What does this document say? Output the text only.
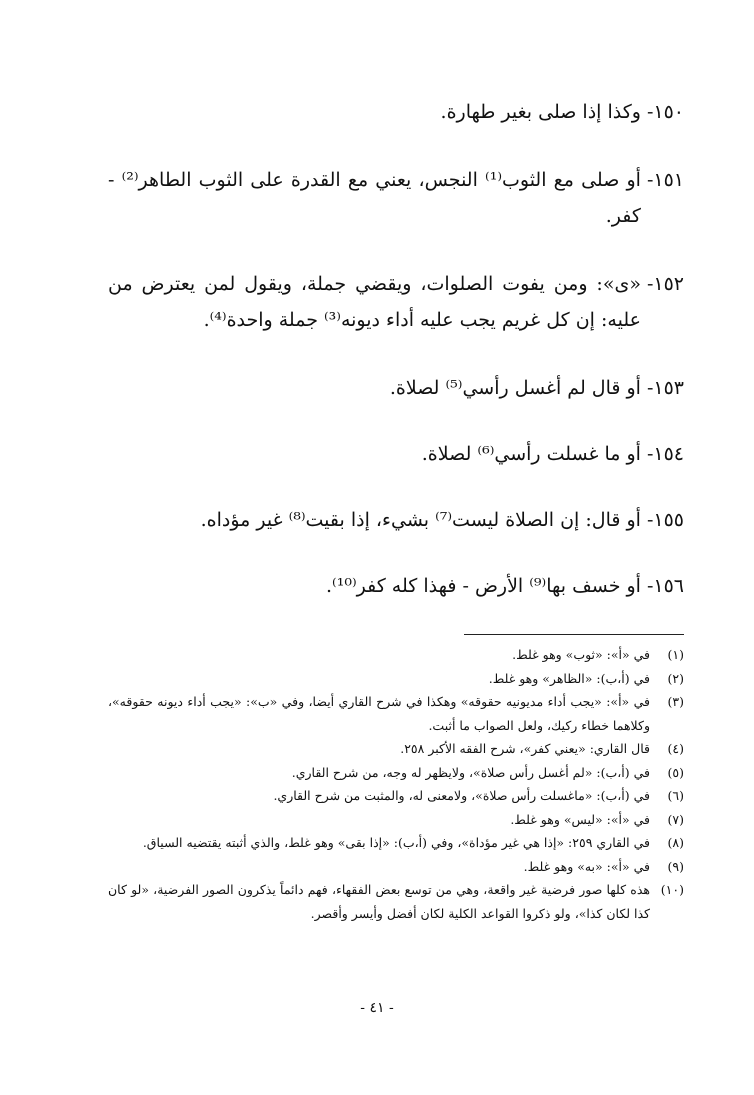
١٥٠-
وكذا إذا صلى بغير طهارة.
١٥١-
أو صلى مع الثوب⁽¹⁾ النجس، يعني مع القدرة على الثوب الطاهر⁽²⁾ - كفر.
١٥٢-
«ى»: ومن يفوت الصلوات، ويقضي جملة، ويقول لمن يعترض من عليه: إن كل غريم يجب عليه أداء ديونه⁽³⁾ جملة واحدة⁽⁴⁾.
١٥٣-
أو قال لم أغسل رأسي⁽⁵⁾ لصلاة.
١٥٤-
أو ما غسلت رأسي⁽⁶⁾ لصلاة.
١٥٥-
أو قال: إن الصلاة ليست⁽⁷⁾ بشيء، إذا بقيت⁽⁸⁾ غير مؤداه.
١٥٦-
أو خسف بها⁽⁹⁾ الأرض - فهذا كله كفر⁽¹⁰⁾.
(١)
في «أ»: «ثوب» وهو غلط.
(٢)
في (أ،ب): «الظاهر» وهو غلط.
(٣)
في «أ»: «يجب أداء مديونيه حقوقه» وهكذا في شرح القاري أيضا، وفي «ب»: «يجب أداء ديونه حقوقه»، وكلاهما خطاء ركيك، ولعل الصواب ما أثبت.
(٤)
قال القاري: «يعني كفر»، شرح الفقه الأكبر ٢٥٨.
(٥)
في (أ،ب): «لم أغسل رأس صلاة»، ولايظهر له وجه، من شرح القاري.
(٦)
في (أ،ب): «ماغسلت رأس صلاة»، ولامعنى له، والمثبت من شرح القاري.
(٧)
في «أ»: «ليس» وهو غلط.
(٨)
في القاري ٢٥٩: «إذا هي غير مؤداة»، وفي (أ،ب): «إذا بقى» وهو غلط، والذي أثبته يقتضيه السياق.
(٩)
في «أ»: «به» وهو غلط.
(١٠)
هذه كلها صور فرضية غير واقعة، وهي من توسع بعض الفقهاء، فهم دائماً يذكرون الصور الفرضية، «لو كان كذا لكان كذا»، ولو ذكروا القواعد الكلية لكان أفضل وأيسر وأقصر.
- ٤١ -
